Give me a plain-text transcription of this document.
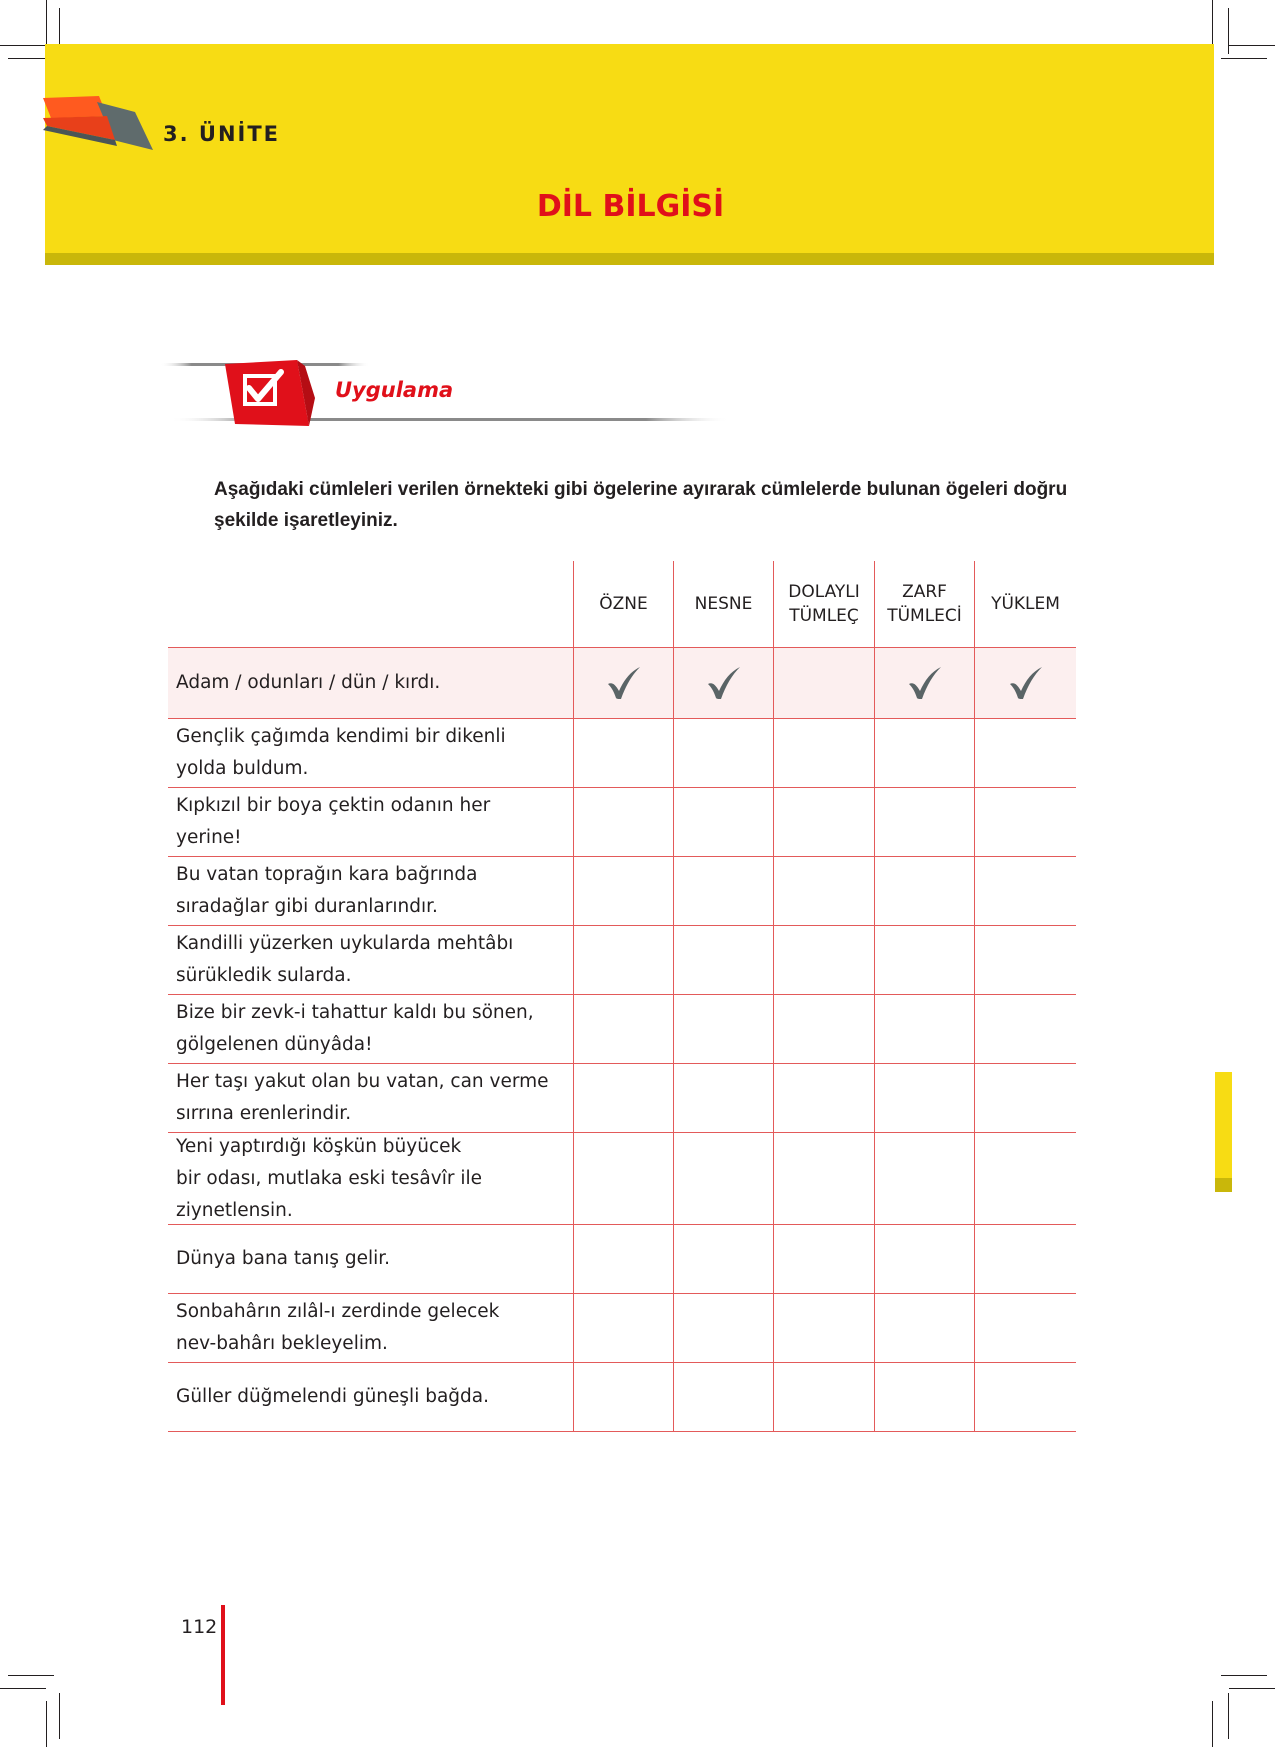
3. ÜNİTE
DİL BİLGİSİ
Uygulama
Aşağıdaki cümleleri verilen örnekteki gibi ögelerine ayırarak cümlelerde bulunan ögeleri doğru şekilde işaretleyiniz.
ÖZNE	NESNE
DOLAYLI
TÜMLEÇ
ZARF
TÜMLECİ
YÜKLEM
Adam / odunları / dün / kırdı.
Gençlik çağımda kendimi bir dikenli
yolda buldum.
Kıpkızıl bir boya çektin odanın her
yerine!
Bu vatan toprağın kara bağrında
sıradağlar gibi duranlarındır.
Kandilli yüzerken uykularda mehtâbı
sürükledik sularda.
Bize bir zevk-i tahattur kaldı bu sönen,
gölgelenen dünyâda!
Her taşı yakut olan bu vatan, can verme
sırrına erenlerindir.
Yeni yaptırdığı köşkün büyücek
bir odası, mutlaka eski tesâvîr ile
ziynetlensin.
Dünya bana tanış gelir.
Sonbahârın zılâl-ı zerdinde gelecek
nev-bahârı bekleyelim.
Güller düğmelendi güneşli bağda.
112
